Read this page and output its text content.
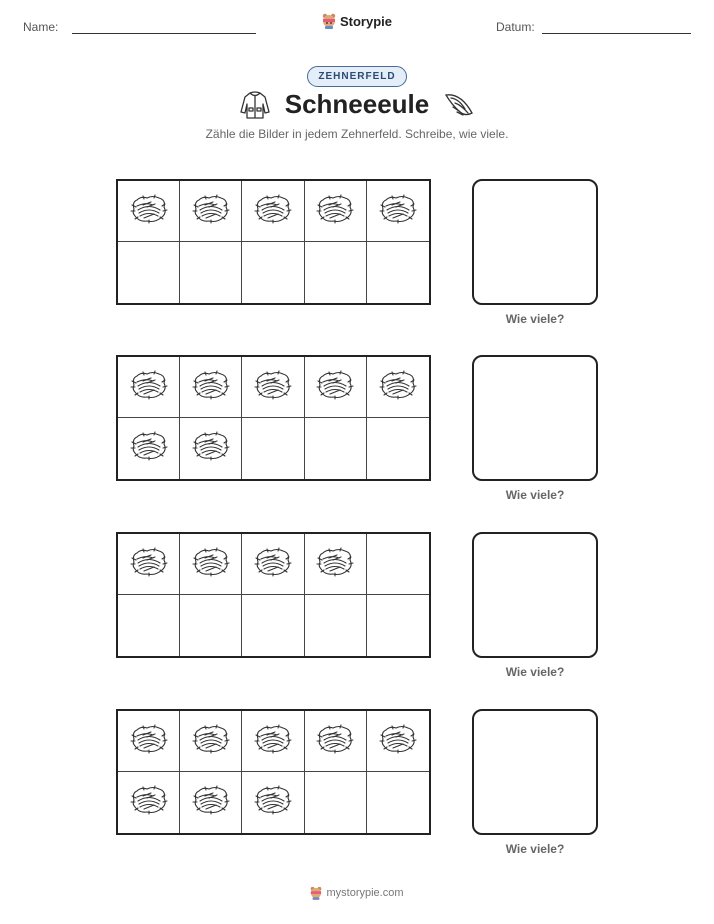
Name:	Storypie	Datum:
ZEHNERFELD
Schneeeule
Zähle die Bilder in jedem Zehnerfeld. Schreibe, wie viele.
Wie viele?
Wie viele?
Wie viele?
Wie viele?
mystorypie.com
